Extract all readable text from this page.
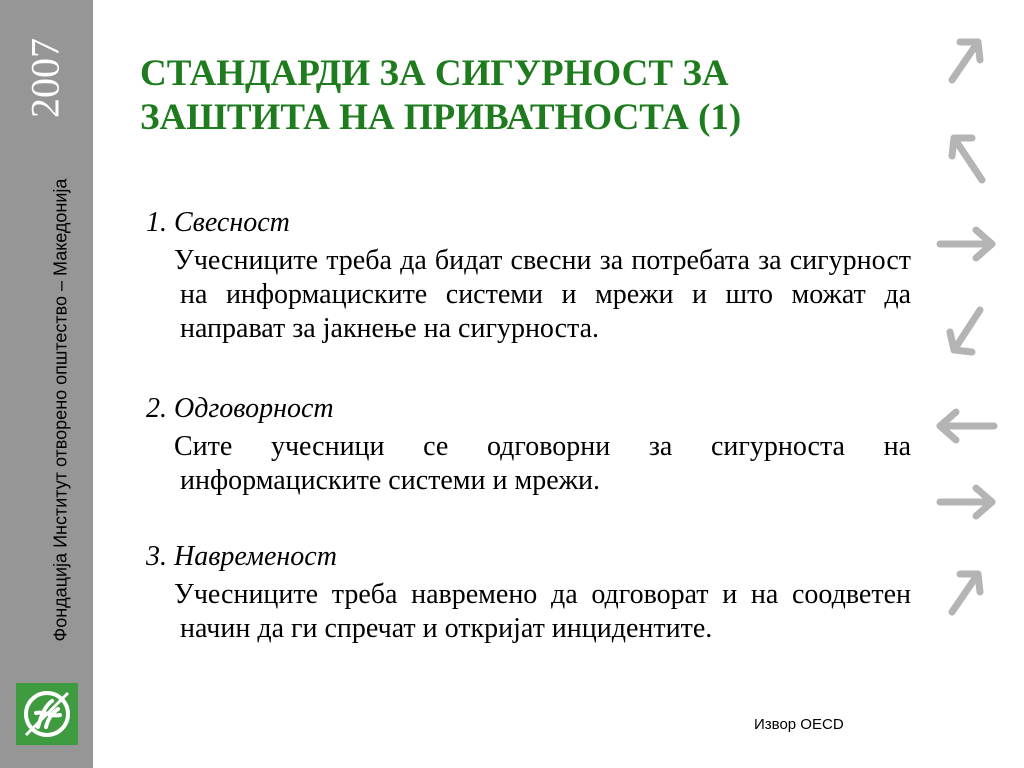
2007
Фондација Институт отворено општество – Македонија
СТАНДАРДИ ЗА СИГУРНОСТ ЗА
ЗАШТИТА НА ПРИВАТНОСТА (1)

1. Свесност

Учесниците треба да бидат свесни за потребата за сигурност на информациските системи и мрежи и што можат да направат за јакнење на сигурноста.

2. Одговорност

Сите учесници се одговорни за сигурноста на информациските системи и мрежи.

3. Навременост

Учесниците треба навремено да одговорат и на соодветен начин да ги спречат и откријат инцидентите.

Извор OECD
